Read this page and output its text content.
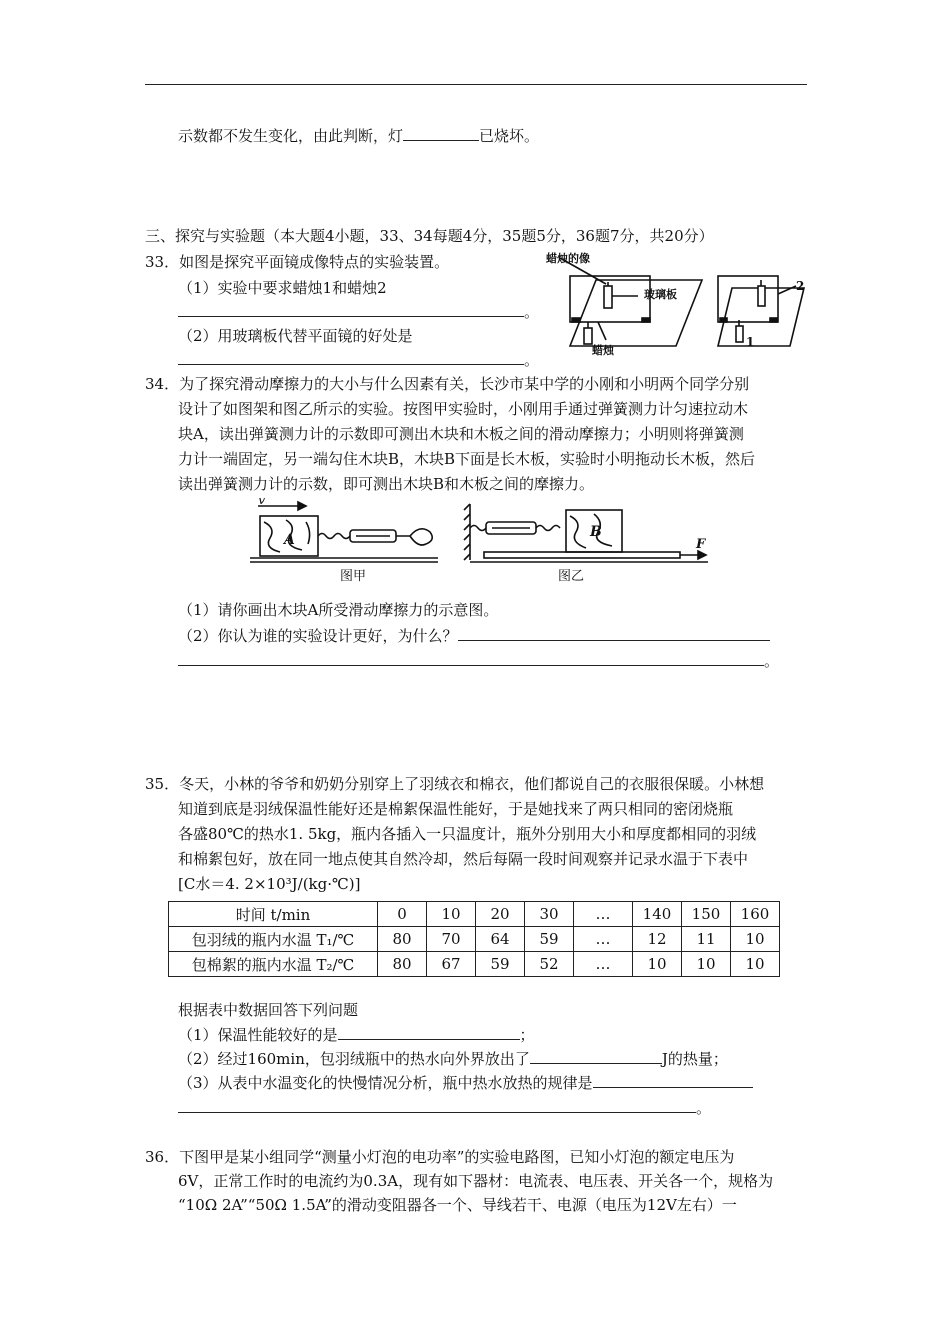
示数都不发生变化，由此判断，灯	已烧坏。
三、探究与实验题（本大题4小题，33、34每题4分，35题5分，36题7分，共20分）
33．如图是探究平面镜成像特点的实验装置。
（1）实验中要求蜡烛1和蜡烛2
。
（2）用玻璃板代替平面镜的好处是
。
蜡烛的像
玻璃板
蜡烛
1
2
34．为了探究滑动摩擦力的大小与什么因素有关，长沙市某中学的小刚和小明两个同学分别
设计了如图架和图乙所示的实验。按图甲实验时，小刚用手通过弹簧测力计匀速拉动木
块A，读出弹簧测力计的示数即可测出木块和木板之间的滑动摩擦力；小明则将弹簧测
力计一端固定，另一端勾住木块B，木块B下面是长木板，实验时小明拖动长木板，然后
读出弹簧测力计的示数，即可测出木块B和木板之间的摩擦力。
v
A
图甲
B
F
图乙
（1）请你画出木块A所受滑动摩擦力的示意图。
（2）你认为谁的实验设计更好，为什么？
。
35．冬天，小林的爷爷和奶奶分别穿上了羽绒衣和棉衣，他们都说自己的衣服很保暖。小林想
知道到底是羽绒保温性能好还是棉絮保温性能好，于是她找来了两只相同的密闭烧瓶
各盛80℃的热水1. 5kg，瓶内各插入一只温度计，瓶外分别用大小和厚度都相同的羽绒
和棉絮包好，放在同一地点使其自然冷却，然后每隔一段时间观察并记录水温于下表中
[C水＝4. 2×10³J/(kg·℃)]
时间 t/min	0	10	20	30	…	140	150	160
包羽绒的瓶内水温 T₁/℃	80	70	64	59	…	12	11	10
包棉絮的瓶内水温 T₂/℃	80	67	59	52	…	10	10	10
根据表中数据回答下列问题
（1）保温性能较好的是	；
（2）经过160min，包羽绒瓶中的热水向外界放出了	J的热量；
（3）从表中水温变化的快慢情况分析，瓶中热水放热的规律是
。
36．下图甲是某小组同学“测量小灯泡的电功率”的实验电路图，已知小灯泡的额定电压为
6V，正常工作时的电流约为0.3A，现有如下器材：电流表、电压表、开关各一个，规格为
“10Ω 2A”“50Ω 1.5A”的滑动变阻器各一个、导线若干、电源（电压为12V左右）一
